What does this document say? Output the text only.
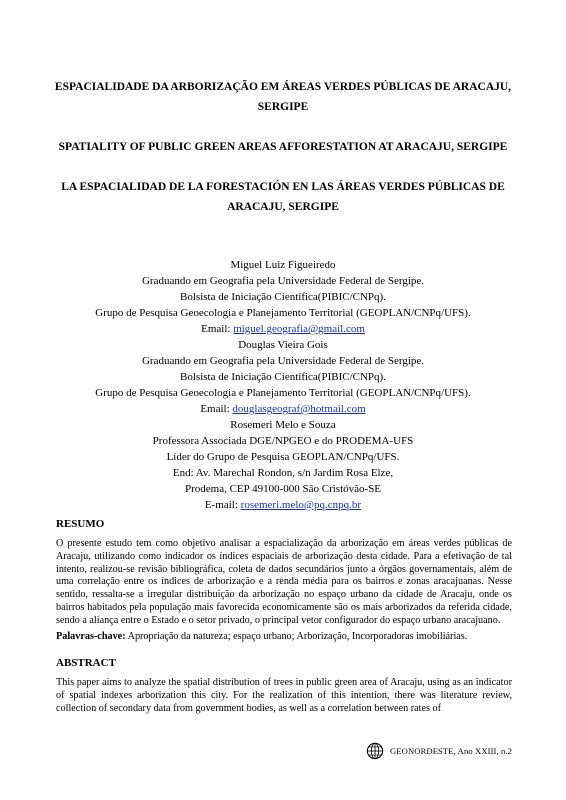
ESPACIALIDADE DA ARBORIZAÇÃO EM ÁREAS VERDES PÚBLICAS DE ARACAJU, SERGIPE
SPATIALITY OF PUBLIC GREEN AREAS AFFORESTATION AT ARACAJU, SERGIPE
LA ESPACIALIDAD DE LA FORESTACIÓN EN LAS ÁREAS VERDES PÚBLICAS DE ARACAJU, SERGIPE
Miguel Luiz Figueiredo
Graduando em Geografia pela Universidade Federal de Sergipe.
Bolsista de Iniciação Científica(PIBIC/CNPq).
Grupo de Pesquisa Geoecologia e Planejamento Territorial (GEOPLAN/CNPq/UFS).
Email: miguel.geografia@gmail.com
Douglas Vieira Gois
Graduando em Geografia pela Universidade Federal de Sergipe.
Bolsista de Iniciação Científica(PIBIC/CNPq).
Grupo de Pesquisa Geoecologia e Planejamento Territorial (GEOPLAN/CNPq/UFS).
Email: douglasgeograf@hotmail.com
Rosemeri Melo e Souza
Professora Associada DGE/NPGEO e do PRODEMA-UFS
Líder do Grupo de Pesquisa GEOPLAN/CNPq/UFS.
End: Av. Marechal Rondon, s/n Jardim Rosa Elze,
Prodema, CEP 49100-000 São Cristóvão-SE
E-mail: rosemeri.melo@pq.cnpq.br
RESUMO

O presente estudo tem como objetivo analisar a espacialização da arborização em áreas verdes públicas de Aracaju, utilizando como indicador os índices espaciais de arborização desta cidade. Para a efetivação de tal intento, realizou-se revisão bibliográfica, coleta de dados secundários junto a órgãos governamentais, além de uma correlação entre os índices de arborização e a renda média para os bairros e zonas aracajuanas. Nesse sentido, ressalta-se a irregular distribuição da arborização no espaço urbano da cidade de Aracaju, onde os bairros habitados pela população mais favorecida economicamente são os mais arborizados da referida cidade, sendo a aliança entre o Estado e o setor privado, o principal vetor configurador do espaço urbano aracajuano.

Palavras-chave: Apropriação da natureza; espaço urbano; Arborização, Incorporadoras imobiliárias.
ABSTRACT

This paper aims to analyze the spatial distribution of trees in public green area of Aracaju, using as an indicator of spatial indexes arborization this city. For the realization of this intention, there was literature review, collection of secondary data from government bodies, as well as a correlation between rates of

GEONORDESTE, Ano XXIII, n.2
